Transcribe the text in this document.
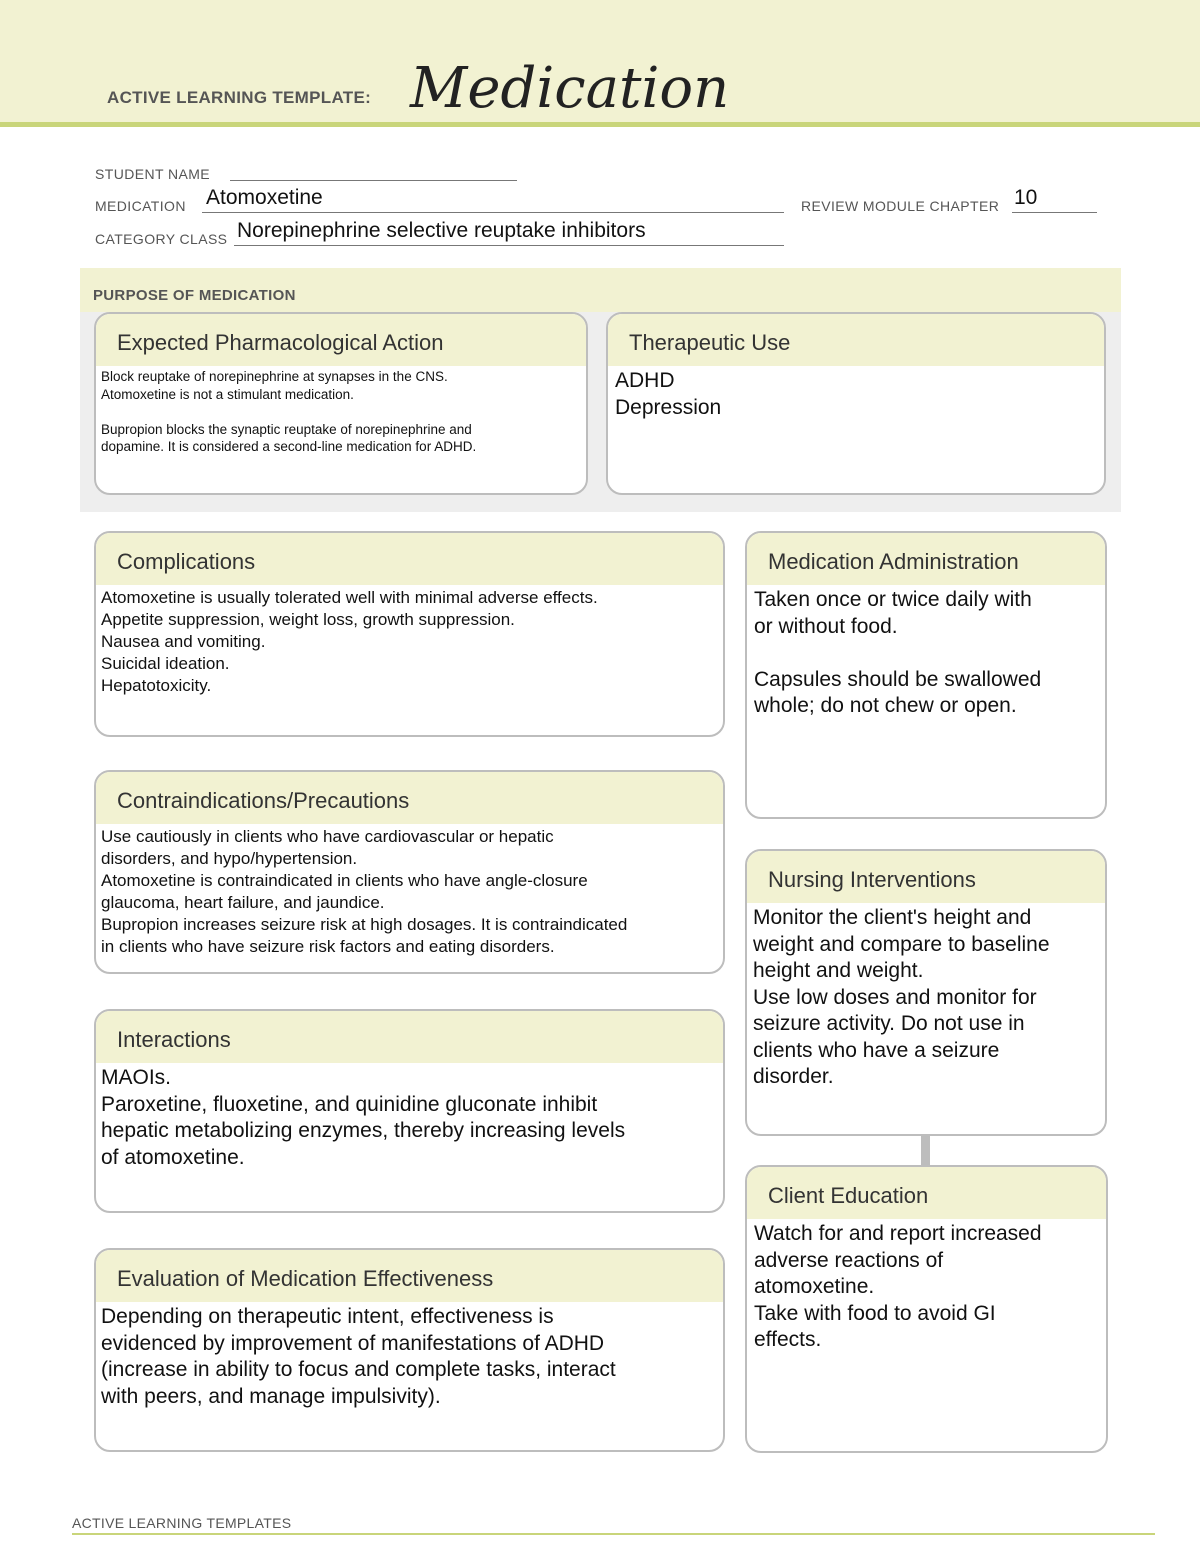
ACTIVE LEARNING TEMPLATE: Medication
STUDENT NAME
MEDICATION Atomoxetine	REVIEW MODULE CHAPTER 10
CATEGORY CLASS Norepinephrine selective reuptake inhibitors
PURPOSE OF MEDICATION
Expected Pharmacological Action
Block reuptake of norepinephrine at synapses in the CNS.
Atomoxetine is not a stimulant medication.

Bupropion blocks the synaptic reuptake of norepinephrine and
dopamine. It is considered a second-line medication for ADHD.
Therapeutic Use
ADHD
Depression
Complications
Atomoxetine is usually tolerated well with minimal adverse effects.
Appetite suppression, weight loss, growth suppression.
Nausea and vomiting.
Suicidal ideation.
Hepatotoxicity.
Contraindications/Precautions
Use cautiously in clients who have cardiovascular or hepatic
disorders, and hypo/hypertension.
Atomoxetine is contraindicated in clients who have angle-closure
glaucoma, heart failure, and jaundice.
Bupropion increases seizure risk at high dosages. It is contraindicated
in clients who have seizure risk factors and eating disorders.
Interactions
MAOIs.
Paroxetine, fluoxetine, and quinidine gluconate inhibit
hepatic metabolizing enzymes, thereby increasing levels
of atomoxetine.
Evaluation of Medication Effectiveness
Depending on therapeutic intent, effectiveness is
evidenced by improvement of manifestations of ADHD
(increase in ability to focus and complete tasks, interact
with peers, and manage impulsivity).
Medication Administration
Taken once or twice daily with
or without food.

Capsules should be swallowed
whole; do not chew or open.
Nursing Interventions
Monitor the client's height and
weight and compare to baseline
height and weight.
Use low doses and monitor for
seizure activity. Do not use in
clients who have a seizure
disorder.
Client Education
Watch for and report increased
adverse reactions of
atomoxetine.
Take with food to avoid GI
effects.
ACTIVE LEARNING TEMPLATES
